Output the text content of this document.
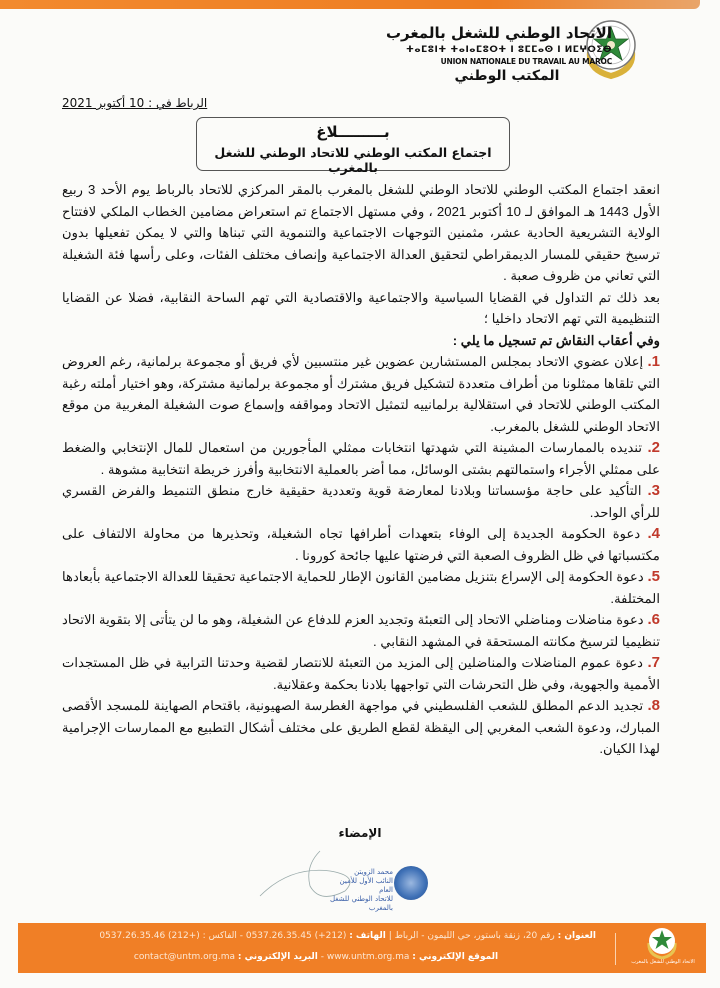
الاتحاد الوطني للشغل بالمغرب
ⵜⴰⵎⵓⵏⵜ ⵜⴰⵏⴰⵎⵓⵔⵜ ⵏ ⵓⵎⵎⴰⵙ ⵏ ⵍⵎⵖⵔⵉⴱ
UNION NATIONALE DU TRAVAIL AU MAROC
المكتب الوطني
الرباط في : 10 أكتوبر 2021
بـــــــــلاغ
اجتماع المكتب الوطني للاتحاد الوطني للشغل بالمغرب

انعقد اجتماع المكتب الوطني للاتحاد الوطني للشغل بالمغرب بالمقر المركزي للاتحاد بالرباط يوم الأحد 3 ربيع الأول 1443 هـ الموافق لـ 10 أكتوبر 2021 ، وفي مستهل الاجتماع تم استعراض مضامين الخطاب الملكي لافتتاح الولاية التشريعية الحادية عشر، مثمنين التوجهات الاجتماعية والتنموية التي تبناها والتي لا يمكن تفعيلها بدون ترسيخ حقيقي للمسار الديمقراطي لتحقيق العدالة الاجتماعية وإنصاف مختلف الفئات، وعلى رأسها فئة الشغيلة التي تعاني من ظروف صعبة .

بعد ذلك تم التداول في القضايا السياسية والاجتماعية والاقتصادية التي تهم الساحة النقابية، فضلا عن القضايا التنظيمية التي تهم الاتحاد داخليا ؛

وفي أعقاب النقاش تم تسجيل ما يلي :

1. إعلان عضوي الاتحاد بمجلس المستشارين عضوين غير منتسبين لأي فريق أو مجموعة برلمانية، رغم العروض التي تلقاها ممثلونا من أطراف متعددة لتشكيل فريق مشترك أو مجموعة برلمانية مشتركة، وهو اختيار أملته رغبة المكتب الوطني للاتحاد في استقلالية برلمانييه لتمثيل الاتحاد ومواقفه وإسماع صوت الشغيلة المغربية من موقع الاتحاد الوطني للشغل بالمغرب.

2. تنديده بالممارسات المشينة التي شهدتها انتخابات ممثلي المأجورين من استعمال للمال الإنتخابي والضغط على ممثلي الأجراء واستمالتهم بشتى الوسائل، مما أضر بالعملية الانتخابية وأفرز خريطة انتخابية مشوهة .

3. التأكيد على حاجة مؤسساتنا وبلادنا لمعارضة قوية وتعددية حقيقية خارج منطق التنميط والفرض القسري للرأي الواحد.

4. دعوة الحكومة الجديدة إلى الوفاء بتعهدات أطرافها تجاه الشغيلة، وتحذيرها من محاولة الالتفاف على مكتسباتها في ظل الظروف الصعبة التي فرضتها عليها جائحة كورونا .

5. دعوة الحكومة إلى الإسراع بتنزيل مضامين القانون الإطار للحماية الاجتماعية تحقيقا للعدالة الاجتماعية بأبعادها المختلفة.

6. دعوة مناضلات ومناضلي الاتحاد إلى التعبئة وتجديد العزم للدفاع عن الشغيلة، وهو ما لن يتأتى إلا بتقوية الاتحاد تنظيميا لترسيخ مكانته المستحقة في المشهد النقابي .

7. دعوة عموم المناضلات والمناضلين إلى المزيد من التعبئة للانتصار لقضية وحدتنا الترابية في ظل المستجدات الأممية والجهوية، وفي ظل التحرشات التي تواجهها بلادنا بحكمة وعقلانية.

8. تجديد الدعم المطلق للشعب الفلسطيني في مواجهة الغطرسة الصهيونية، باقتحام الصهاينة للمسجد الأقصى المبارك، ودعوة الشعب المغربي إلى اليقظة لقطع الطريق على مختلف أشكال التطبيع مع الممارسات الإجرامية لهذا الكيان.

الإمضاء
محمد الزويتن
النائب الأول للأمين العام
للاتحاد الوطني للشغل بالمغرب
العنوان : رقم 20، زنقة باستور، حي الليمون - الرباط | الهاتف : (212+) 0537.26.35.45 - الفاكس : (+212) 0537.26.35.46
الموقع الإلكتروني : www.untm.org.ma - البريد الإلكتروني : contact@untm.org.ma	الاتحاد الوطني للشغل بالمغرب
